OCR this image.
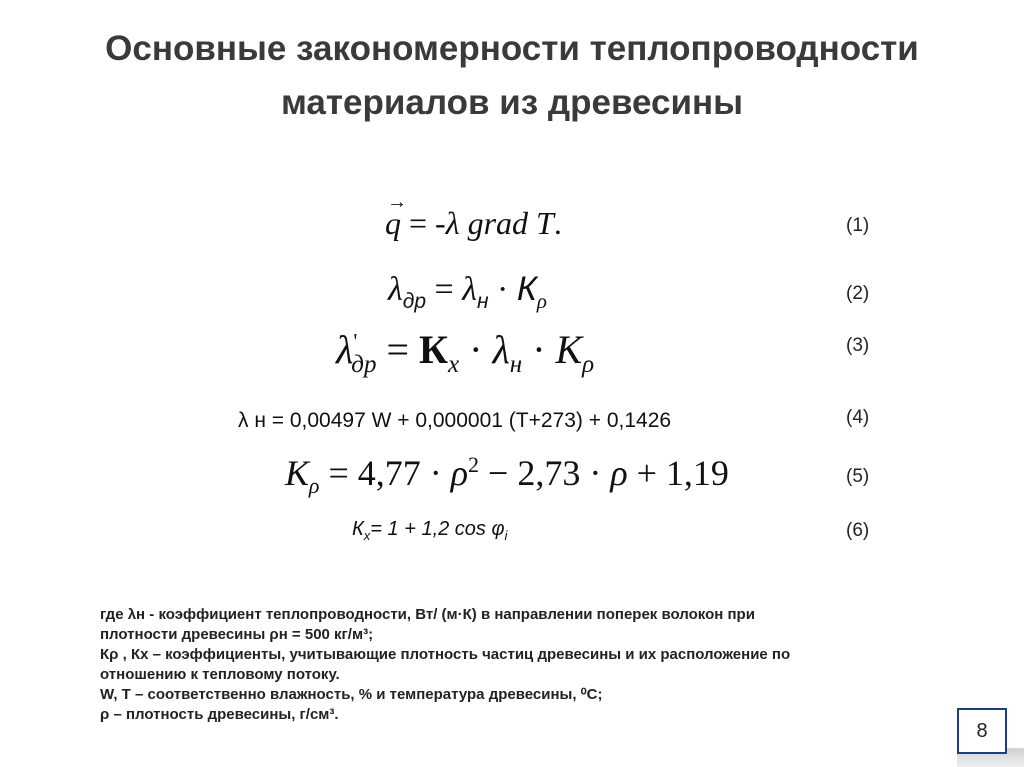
Основные закономерности теплопроводности
материалов из древесины
q
→
= -λ grad T.	(1)
$\lambda_{др} = \lambda_н \cdot К_\rho$	(2)
$\lambda'_{др} = К_х \cdot \lambda_н \cdot К_\rho$
(3)
λ н = 0,00497 W + 0,000001 (T+273) + 0,1426	(4)
$К_\rho = 4,77 \cdot \rho^2 - 2,73 \cdot \rho + 1,19$	(5)
$К_х= 1 + 1,2$ $\cos \varphi_i$	(6)
где λн - коэффициент теплопроводности, Вт/ (м·К) в направлении поперек волокон при
плотности древесины ρн = 500 кг/м³;
Кρ , Кх – коэффициенты, учитывающие плотность частиц древесины и их расположение по
отношению к тепловому потоку.
W, Т – соответственно влажность, % и температура древесины, ⁰С;
ρ – плотность древесины, г/см³.
8
